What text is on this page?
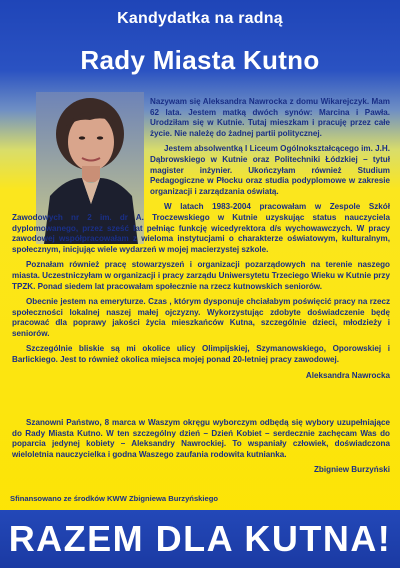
Kandydatka na radną
Rady Miasta Kutno

Nazywam się Aleksandra Nawrocka z domu Wikarejczyk. Mam 62 lata. Jestem matką dwóch synów: Marcina i Pawła. Urodziłam się w Kutnie. Tutaj mieszkam i pracuję przez całe życie. Nie należę do żadnej partii politycznej.

Jestem absolwentką I Liceum Ogólnokształcącego im. J.H. Dąbrowskiego w Kutnie oraz Politechniki Łódzkiej – tytuł magister inżynier. Ukończyłam również Studium Pedagogiczne w Płocku oraz studia podyplomowe w zakresie organizacji i zarządzania oświatą.

W latach 1983-2004 pracowałam w Zespole Szkół Zawodowych nr 2 im. dr A. Troczewskiego w Kutnie uzyskując status nauczyciela dyplomowanego, przez sześć lat pełniąc funkcję wicedyrektora d/s wychowawczych. W pracy zawodowej współpracowałam z wieloma instytucjami o charakterze oświatowym, kulturalnym, społecznym, inicjując wiele wydarzeń w mojej macierzystej szkole.

Poznałam również pracę stowarzyszeń i organizacji pozarządowych na terenie naszego miasta. Uczestniczyłam w organizacji i pracy zarządu Uniwersytetu Trzeciego Wieku w Kutnie przy TPZK. Ponad siedem lat pracowałam społecznie na rzecz kutnowskich seniorów.

Obecnie jestem na emeryturze. Czas , którym dysponuje chciałabym poświęcić pracy na rzecz społeczności lokalnej naszej małej ojczyzny. Wykorzystując zdobyte doświadczenie będę pracować dla poprawy jakości życia mieszkańców Kutna, szczególnie dzieci, młodzieży i seniorów.

Szczególnie bliskie są mi okolice ulicy Olimpijskiej, Szymanowskiego, Oporowskiej i Barlickiego. Jest to również okolica miejsca mojej ponad 20-letniej pracy zawodowej.

Aleksandra Nawrocka

Szanowni Państwo, 8 marca w Waszym okręgu wyborczym odbędą się wybory uzupełniające do Rady Miasta Kutno. W ten szczególny dzień – Dzień Kobiet – serdecznie zachęcam Was do poparcia jedynej kobiety – Aleksandry Nawrockiej. To wspaniały człowiek, doświadczona wieloletnia nauczycielka i godna Waszego zaufania rodowita kutnianka.

Zbigniew Burzyński

Sfinansowano ze środków KWW Zbigniewa Burzyńskiego
RAZEM DLA KUTNA!
